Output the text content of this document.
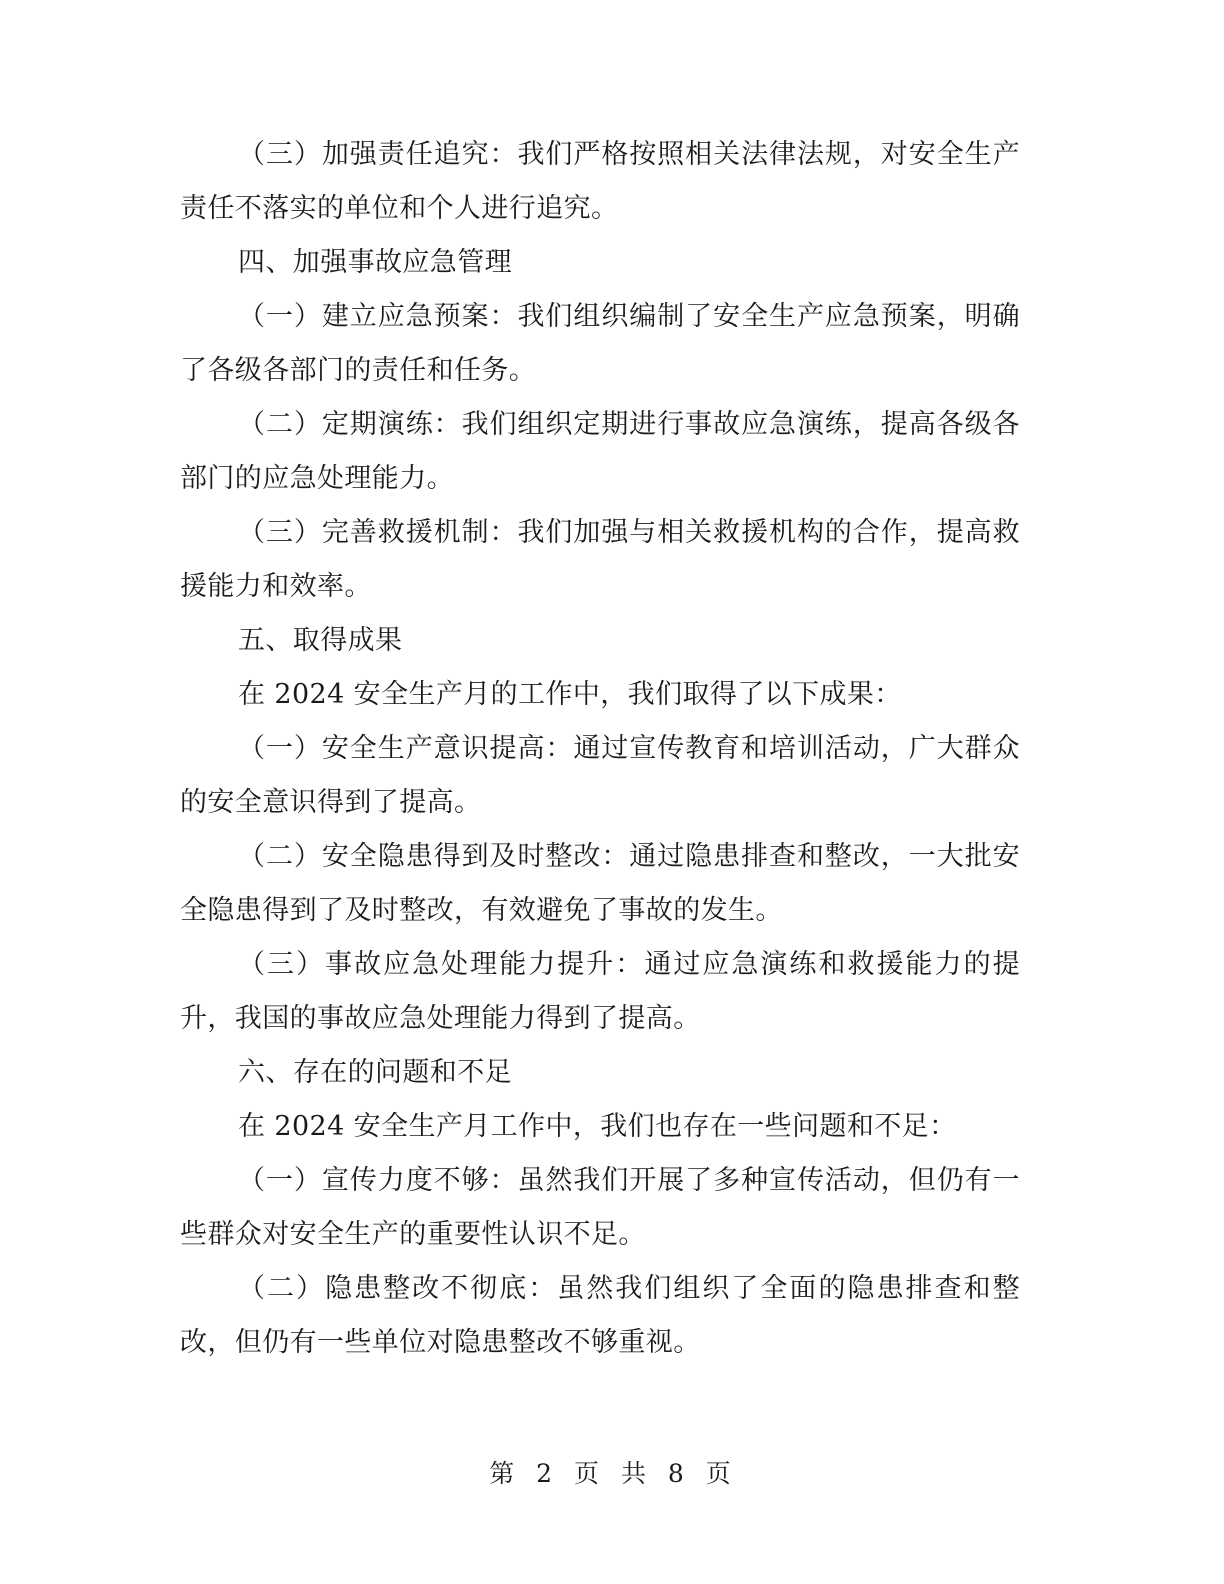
（三）加强责任追究：我们严格按照相关法律法规，对安全生产责任不落实的单位和个人进行追究。

四、加强事故应急管理

（一）建立应急预案：我们组织编制了安全生产应急预案，明确了各级各部门的责任和任务。

（二）定期演练：我们组织定期进行事故应急演练，提高各级各部门的应急处理能力。

（三）完善救援机制：我们加强与相关救援机构的合作，提高救援能力和效率。

五、取得成果

在 2024 安全生产月的工作中，我们取得了以下成果：

（一）安全生产意识提高：通过宣传教育和培训活动，广大群众的安全意识得到了提高。

（二）安全隐患得到及时整改：通过隐患排查和整改，一大批安全隐患得到了及时整改，有效避免了事故的发生。

（三）事故应急处理能力提升：通过应急演练和救援能力的提升，我国的事故应急处理能力得到了提高。

六、存在的问题和不足

在 2024 安全生产月工作中，我们也存在一些问题和不足：

（一）宣传力度不够：虽然我们开展了多种宣传活动，但仍有一些群众对安全生产的重要性认识不足。

（二）隐患整改不彻底：虽然我们组织了全面的隐患排查和整改，但仍有一些单位对隐患整改不够重视。

第 2 页 共 8 页
